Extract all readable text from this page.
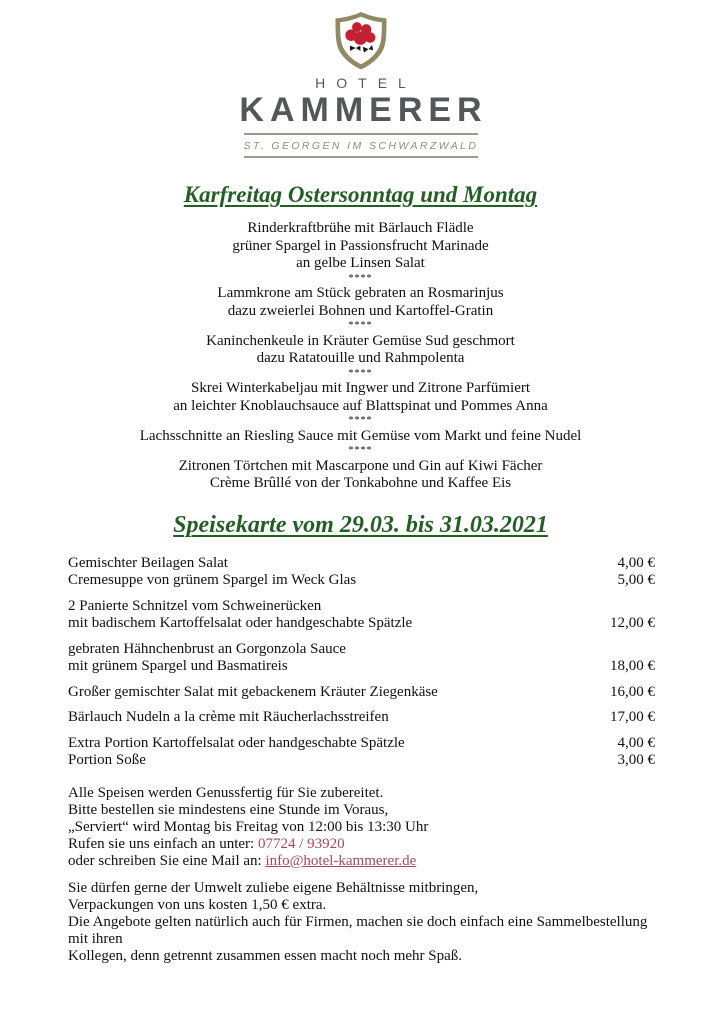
HOTEL
KAMMERER
ST. GEORGEN IM SCHWARZWALD
Karfreitag Ostersonntag und Montag
Rinderkraftbrühe mit Bärlauch Flädle
grüner Spargel in Passionsfrucht Marinade
an gelbe Linsen Salat
****
Lammkrone am Stück gebraten an Rosmarinjus
dazu zweierlei Bohnen und Kartoffel-Gratin
****
Kaninchenkeule in Kräuter Gemüse Sud geschmort
dazu Ratatouille und Rahmpolenta
****
Skrei Winterkabeljau mit Ingwer und Zitrone Parfümiert
an leichter Knoblauchsauce auf Blattspinat und Pommes Anna
****
Lachsschnitte an Riesling Sauce mit Gemüse vom Markt und feine Nudel
****
Zitronen Törtchen mit Mascarpone und Gin auf Kiwi Fächer
Crème Brûllé von der Tonkabohne und Kaffee Eis
Speisekarte vom 29.03. bis 31.03.2021
Gemischter Beilagen Salat	4,00 €
Cremesuppe von grünem Spargel im Weck Glas	5,00 €
2 Panierte Schnitzel vom Schweinerücken
mit badischem Kartoffelsalat oder handgeschabte Spätzle	12,00 €
gebraten Hähnchenbrust an Gorgonzola Sauce
mit grünem Spargel und Basmatireis	18,00 €
Großer gemischter Salat mit gebackenem Kräuter Ziegenkäse	16,00 €
Bärlauch Nudeln a la crème mit Räucherlachsstreifen	17,00 €
Extra Portion Kartoffelsalat oder handgeschabte Spätzle	4,00 €
Portion Soße	3,00 €
Alle Speisen werden Genussfertig für Sie zubereitet.
Bitte bestellen sie mindestens eine Stunde im Voraus,
„Serviert“ wird Montag bis Freitag von 12:00 bis 13:30 Uhr
Rufen sie uns einfach an unter: 07724 / 93920
oder schreiben Sie eine Mail an: info@hotel-kammerer.de
Sie dürfen gerne der Umwelt zuliebe eigene Behältnisse mitbringen,
Verpackungen von uns kosten 1,50 € extra.
Die Angebote gelten natürlich auch für Firmen, machen sie doch einfach eine Sammelbestellung mit ihren
Kollegen, denn getrennt zusammen essen macht noch mehr Spaß.
